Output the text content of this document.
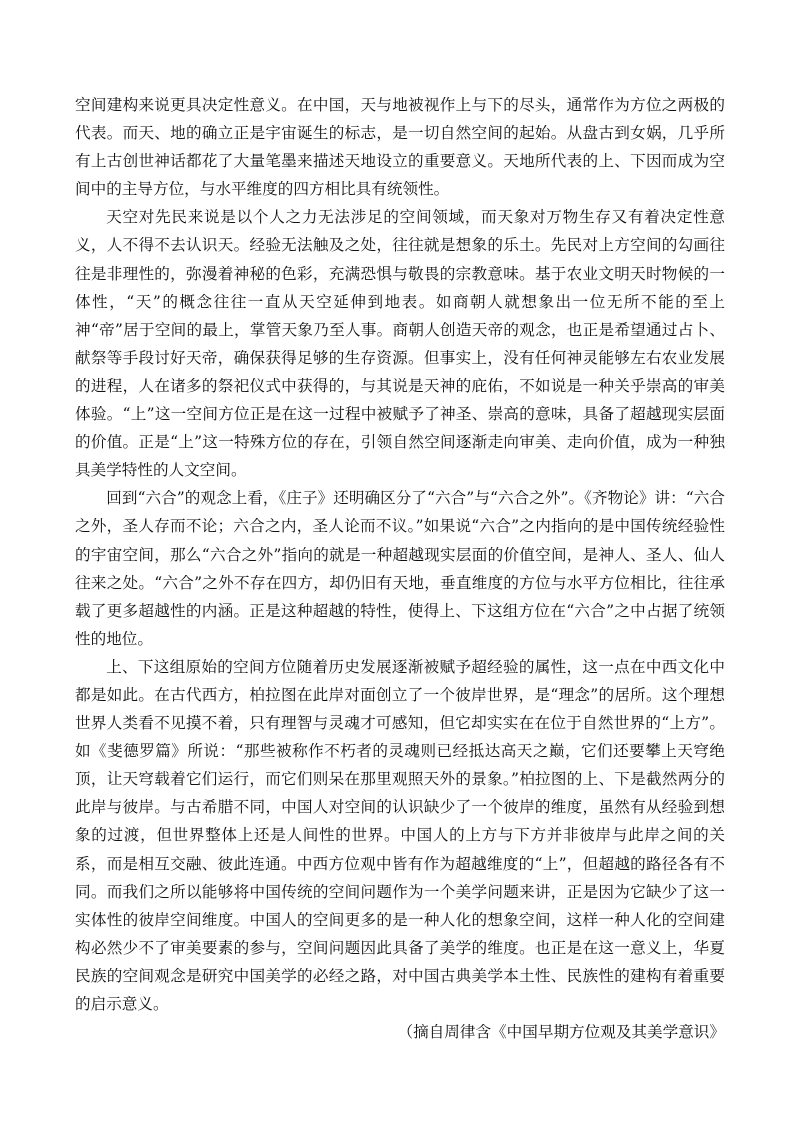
空间建构来说更具决定性意义。在中国，天与地被视作上与下的尽头，通常作为方位之两极的代表。而天、地的确立正是宇宙诞生的标志，是一切自然空间的起始。从盘古到女娲，几乎所有上古创世神话都花了大量笔墨来描述天地设立的重要意义。天地所代表的上、下因而成为空间中的主导方位，与水平维度的四方相比具有统领性。

天空对先民来说是以个人之力无法涉足的空间领域，而天象对万物生存又有着决定性意义，人不得不去认识天。经验无法触及之处，往往就是想象的乐土。先民对上方空间的勾画往往是非理性的，弥漫着神秘的色彩，充满恐惧与敬畏的宗教意味。基于农业文明天时物候的一体性，“天”的概念往往一直从天空延伸到地表。如商朝人就想象出一位无所不能的至上神“帝”居于空间的最上，掌管天象乃至人事。商朝人创造天帝的观念，也正是希望通过占卜、献祭等手段讨好天帝，确保获得足够的生存资源。但事实上，没有任何神灵能够左右农业发展的进程，人在诸多的祭祀仪式中获得的，与其说是天神的庇佑，不如说是一种关乎崇高的审美体验。“上”这一空间方位正是在这一过程中被赋予了神圣、崇高的意味，具备了超越现实层面的价值。正是“上”这一特殊方位的存在，引领自然空间逐渐走向审美、走向价值，成为一种独具美学特性的人文空间。

回到“六合”的观念上看，《庄子》还明确区分了“六合”与“六合之外”。《齐物论》讲：“六合之外，圣人存而不论；六合之内，圣人论而不议。”如果说“六合”之内指向的是中国传统经验性的宇宙空间，那么“六合之外”指向的就是一种超越现实层面的价值空间，是神人、圣人、仙人往来之处。“六合”之外不存在四方，却仍旧有天地，垂直维度的方位与水平方位相比，往往承载了更多超越性的内涵。正是这种超越的特性，使得上、下这组方位在“六合”之中占据了统领性的地位。

上、下这组原始的空间方位随着历史发展逐渐被赋予超经验的属性，这一点在中西文化中都是如此。在古代西方，柏拉图在此岸对面创立了一个彼岸世界，是“理念”的居所。这个理想世界人类看不见摸不着，只有理智与灵魂才可感知，但它却实实在在位于自然世界的“上方”。如《斐德罗篇》所说：“那些被称作不朽者的灵魂则已经抵达高天之巅，它们还要攀上天穹绝顶，让天穹载着它们运行，而它们则呆在那里观照天外的景象。”柏拉图的上、下是截然两分的此岸与彼岸。与古希腊不同，中国人对空间的认识缺少了一个彼岸的维度，虽然有从经验到想象的过渡，但世界整体上还是人间性的世界。中国人的上方与下方并非彼岸与此岸之间的关系，而是相互交融、彼此连通。中西方位观中皆有作为超越维度的“上”，但超越的路径各有不同。而我们之所以能够将中国传统的空间问题作为一个美学问题来讲，正是因为它缺少了这一实体性的彼岸空间维度。中国人的空间更多的是一种人化的想象空间，这样一种人化的空间建构必然少不了审美要素的参与，空间问题因此具备了美学的维度。也正是在这一意义上，华夏民族的空间观念是研究中国美学的必经之路，对中国古典美学本土性、民族性的建构有着重要的启示意义。

（摘自周律含《中国早期方位观及其美学意识》
